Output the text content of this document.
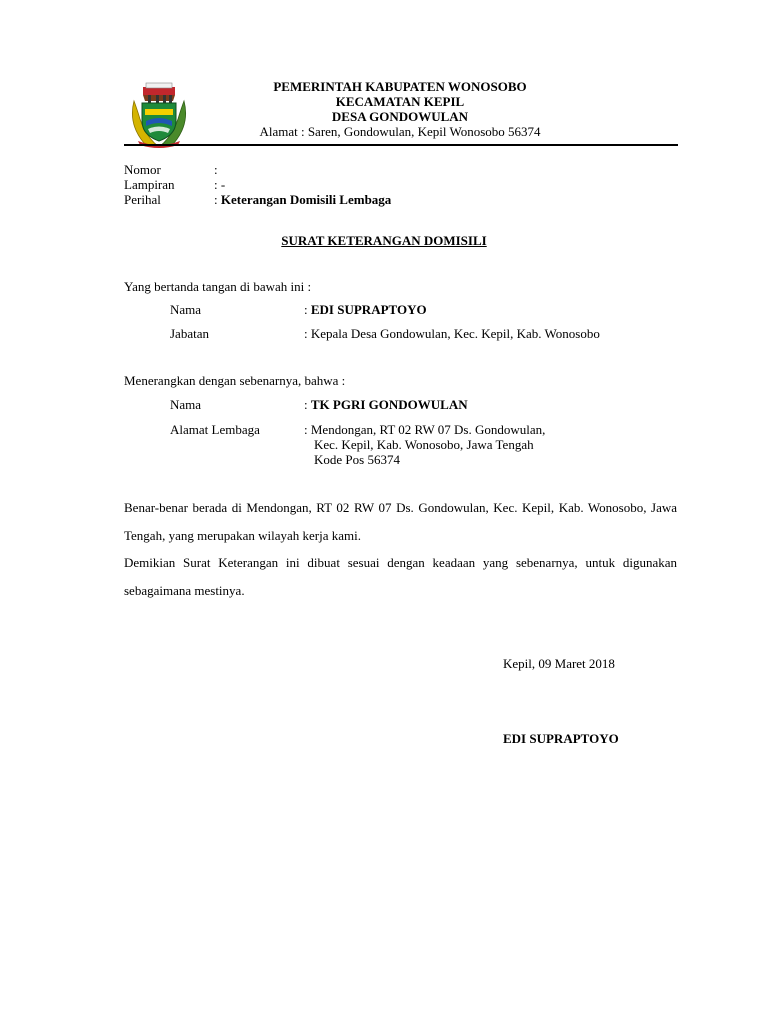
PEMERINTAH KABUPATEN WONOSOBO
KECAMATAN KEPIL
DESA GONDOWULAN
Alamat : Saren, Gondowulan, Kepil Wonosobo 56374
Nomor	:
Lampiran	: -
Perihal	: Keterangan Domisili Lembaga
SURAT KETERANGAN DOMISILI
Yang bertanda tangan di bawah ini :
Nama	: EDI SUPRAPTOYO
Jabatan	: Kepala Desa Gondowulan, Kec. Kepil, Kab. Wonosobo
Menerangkan dengan sebenarnya, bahwa :
Nama	: TK PGRI GONDOWULAN
Alamat Lembaga	: Mendongan, RT 02 RW 07 Ds. Gondowulan,
Kec. Kepil, Kab. Wonosobo, Jawa Tengah
Kode Pos 56374
Benar-benar berada di Mendongan, RT 02 RW 07 Ds. Gondowulan, Kec. Kepil, Kab. Wonosobo, Jawa Tengah, yang merupakan wilayah kerja kami.
Demikian Surat Keterangan ini dibuat sesuai dengan keadaan yang sebenarnya, untuk digunakan sebagaimana mestinya.
Kepil, 09 Maret 2018
EDI SUPRAPTOYO
